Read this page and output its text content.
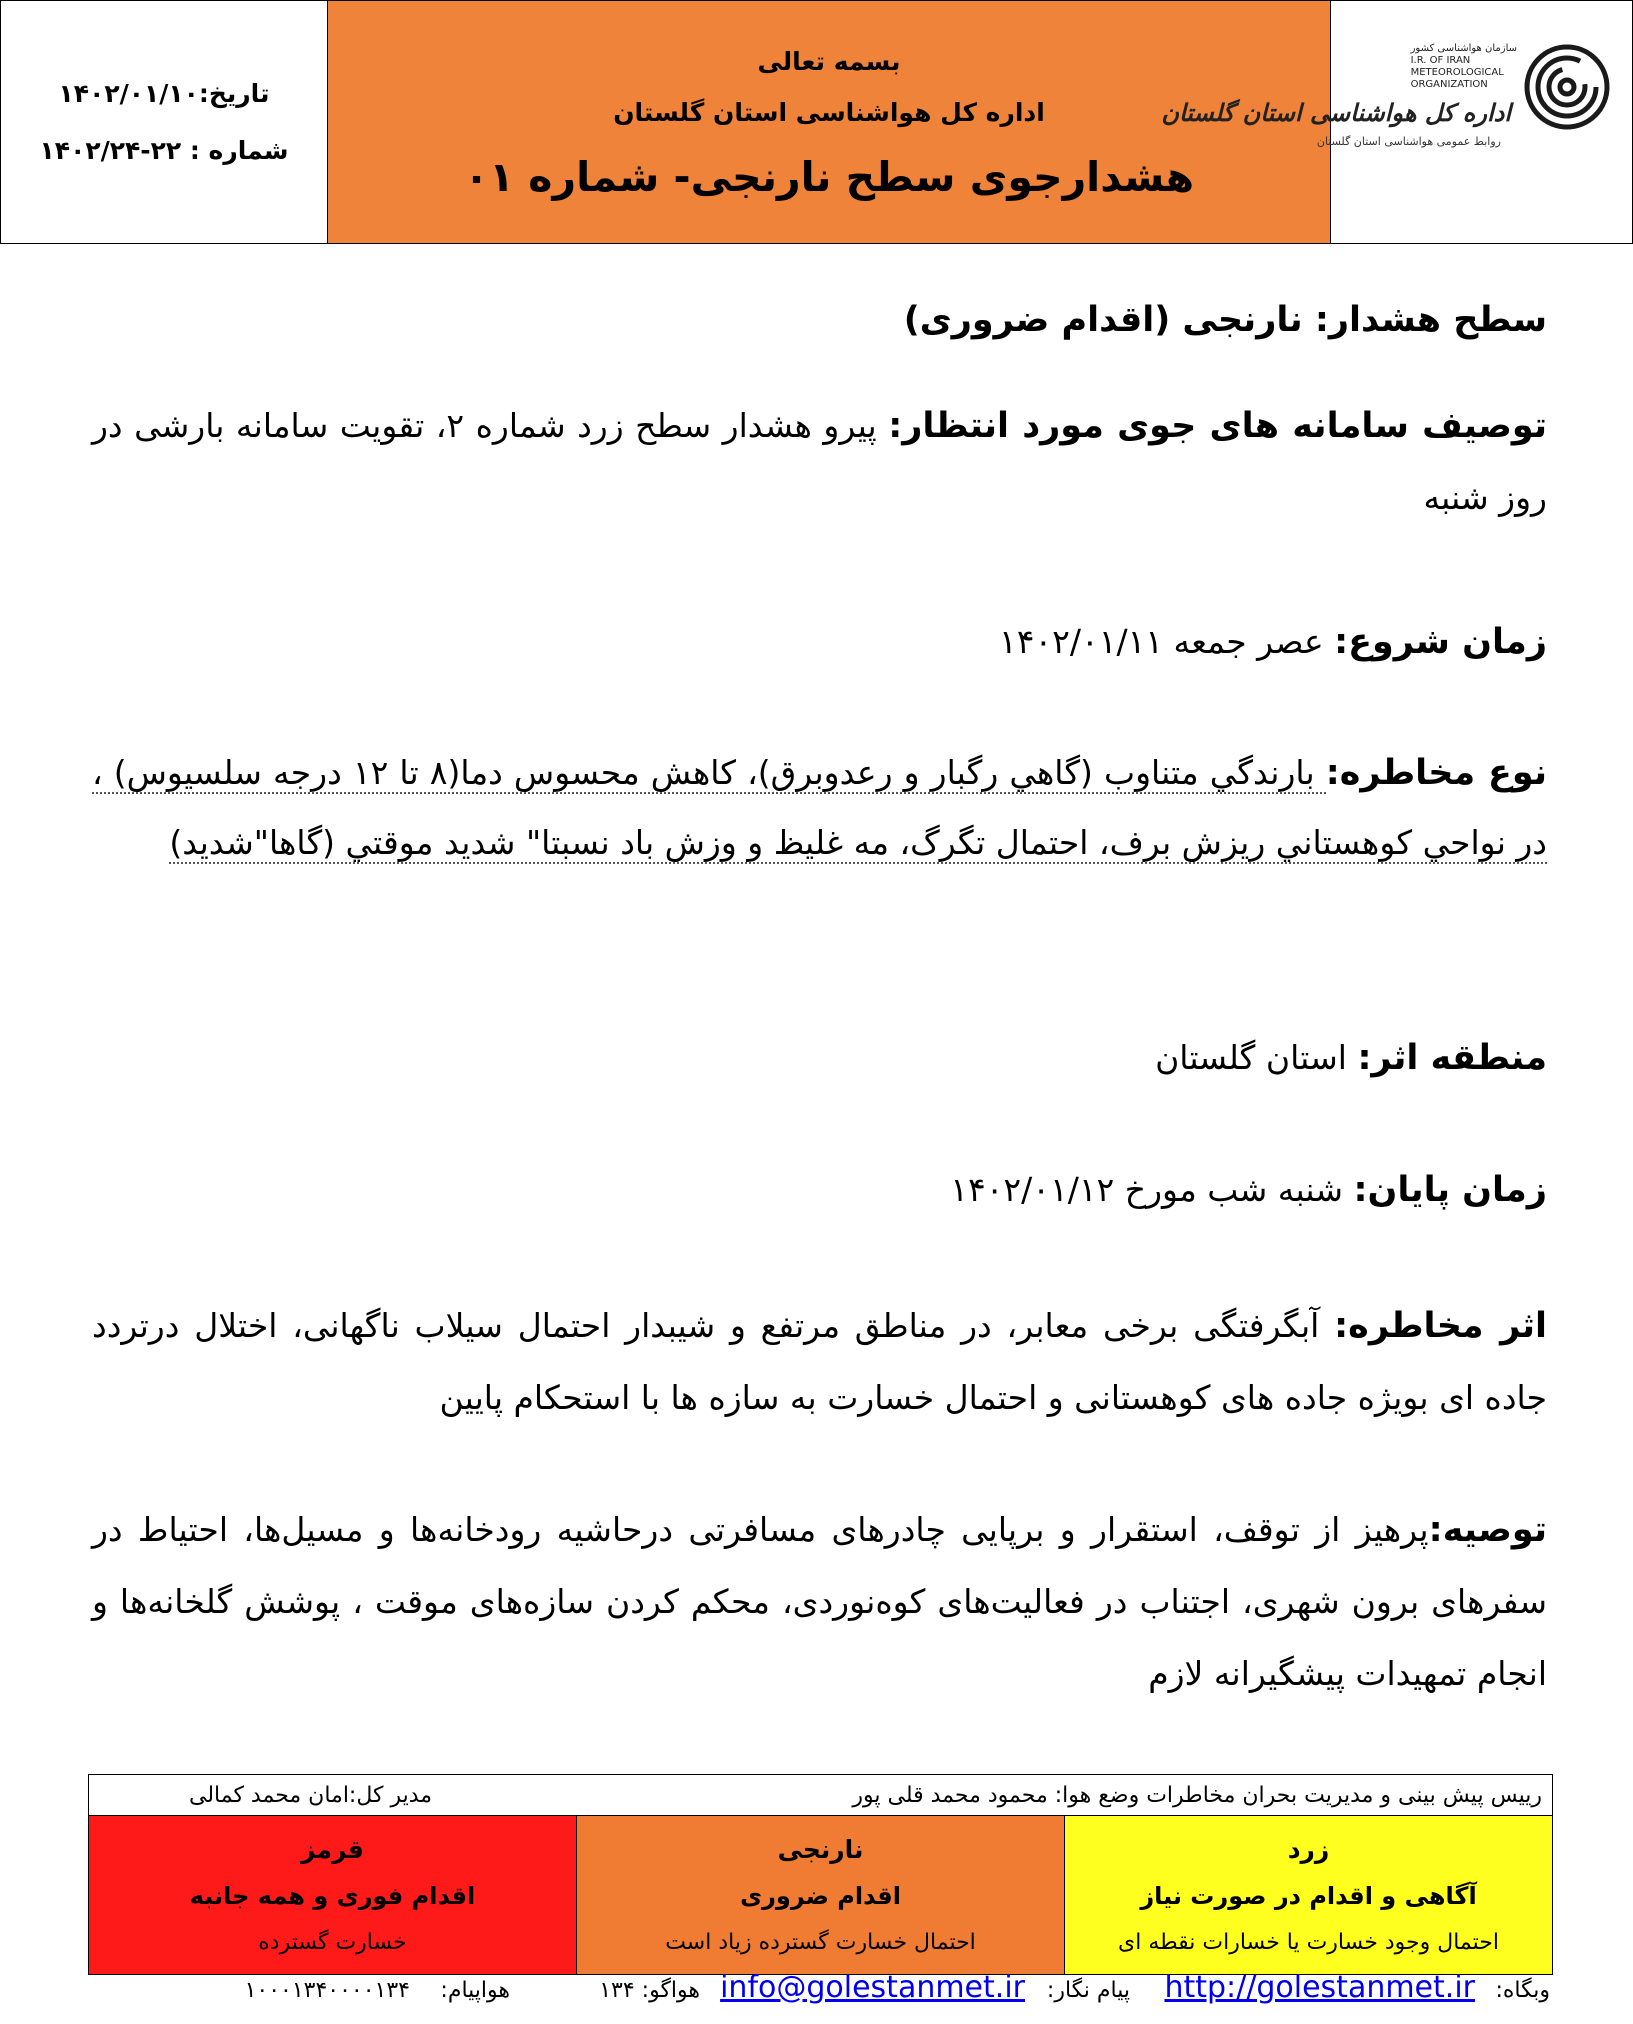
تاریخ:۱۴۰۲/۰۱/۱۰
شماره : ۲۲-۱۴۰۲/۲۴
بسمه تعالی
اداره کل هواشناسی استان گلستان
هشدارجوی سطح نارنجی- شماره ۰۱
سازمان هواشناسی کشور
I.R. OF IRAN
METEOROLOGICAL
ORGANIZATION
اداره کل هواشناسی استان گلستان
روابط عمومی هواشناسی استان گلستان
سطح هشدار: نارنجی (اقدام ضروری)
توصیف سامانه های جوی مورد انتظار: پیرو هشدار سطح زرد شماره ۲، تقویت سامانه بارشی در روز شنبه
زمان شروع: عصر جمعه ۱۴۰۲/۰۱/۱۱
نوع مخاطره: بارندگي متناوب (گاهي رگبار و رعدوبرق)، کاهش محسوس دما(۸ تا ۱۲ درجه سلسيوس) ، در نواحي کوهستاني ريزش برف، احتمال تگرگ، مه غليظ و وزش باد نسبتا" شديد موقتي (گاها"شديد)
منطقه اثر: استان گلستان
زمان پایان: شنبه شب مورخ ۱۴۰۲/۰۱/۱۲
اثر مخاطره: آبگرفتگی برخی معابر، در مناطق مرتفع و شیبدار احتمال سیلاب ناگهانی، اختلال درتردد جاده ای بویژه جاده های کوهستانی و احتمال خسارت به سازه ها با استحکام پایین
توصیه:پرهیز از توقف، استقرار و برپایی چادرهای مسافرتی درحاشیه رودخانه‌ها و مسیل‌ها، احتیاط در سفرهای برون شهری، اجتناب در فعالیت‌های کوه‌نوردی، محکم کردن سازه‌های موقت ، پوشش گلخانه‌ها و انجام تمهیدات پیشگیرانه لازم
رییس پیش بینی و مدیریت بحران مخاطرات وضع هوا: محمود محمد قلی پور
مدیر کل:امان محمد کمالی
زرد
آگاهی و اقدام در صورت نیاز
احتمال وجود خسارت یا خسارات نقطه ای
نارنجی
اقدام ضروری
احتمال خسارت گسترده زیاد است
قرمز
اقدام فوری و همه جانبه
خسارت گسترده
وبگاه:
http://golestanmet.ir
پیام نگار:
info@golestanmet.ir
هواگو: ۱۳۴
هواپیام:
۱۰۰۰۱۳۴۰۰۰۰۱۳۴
